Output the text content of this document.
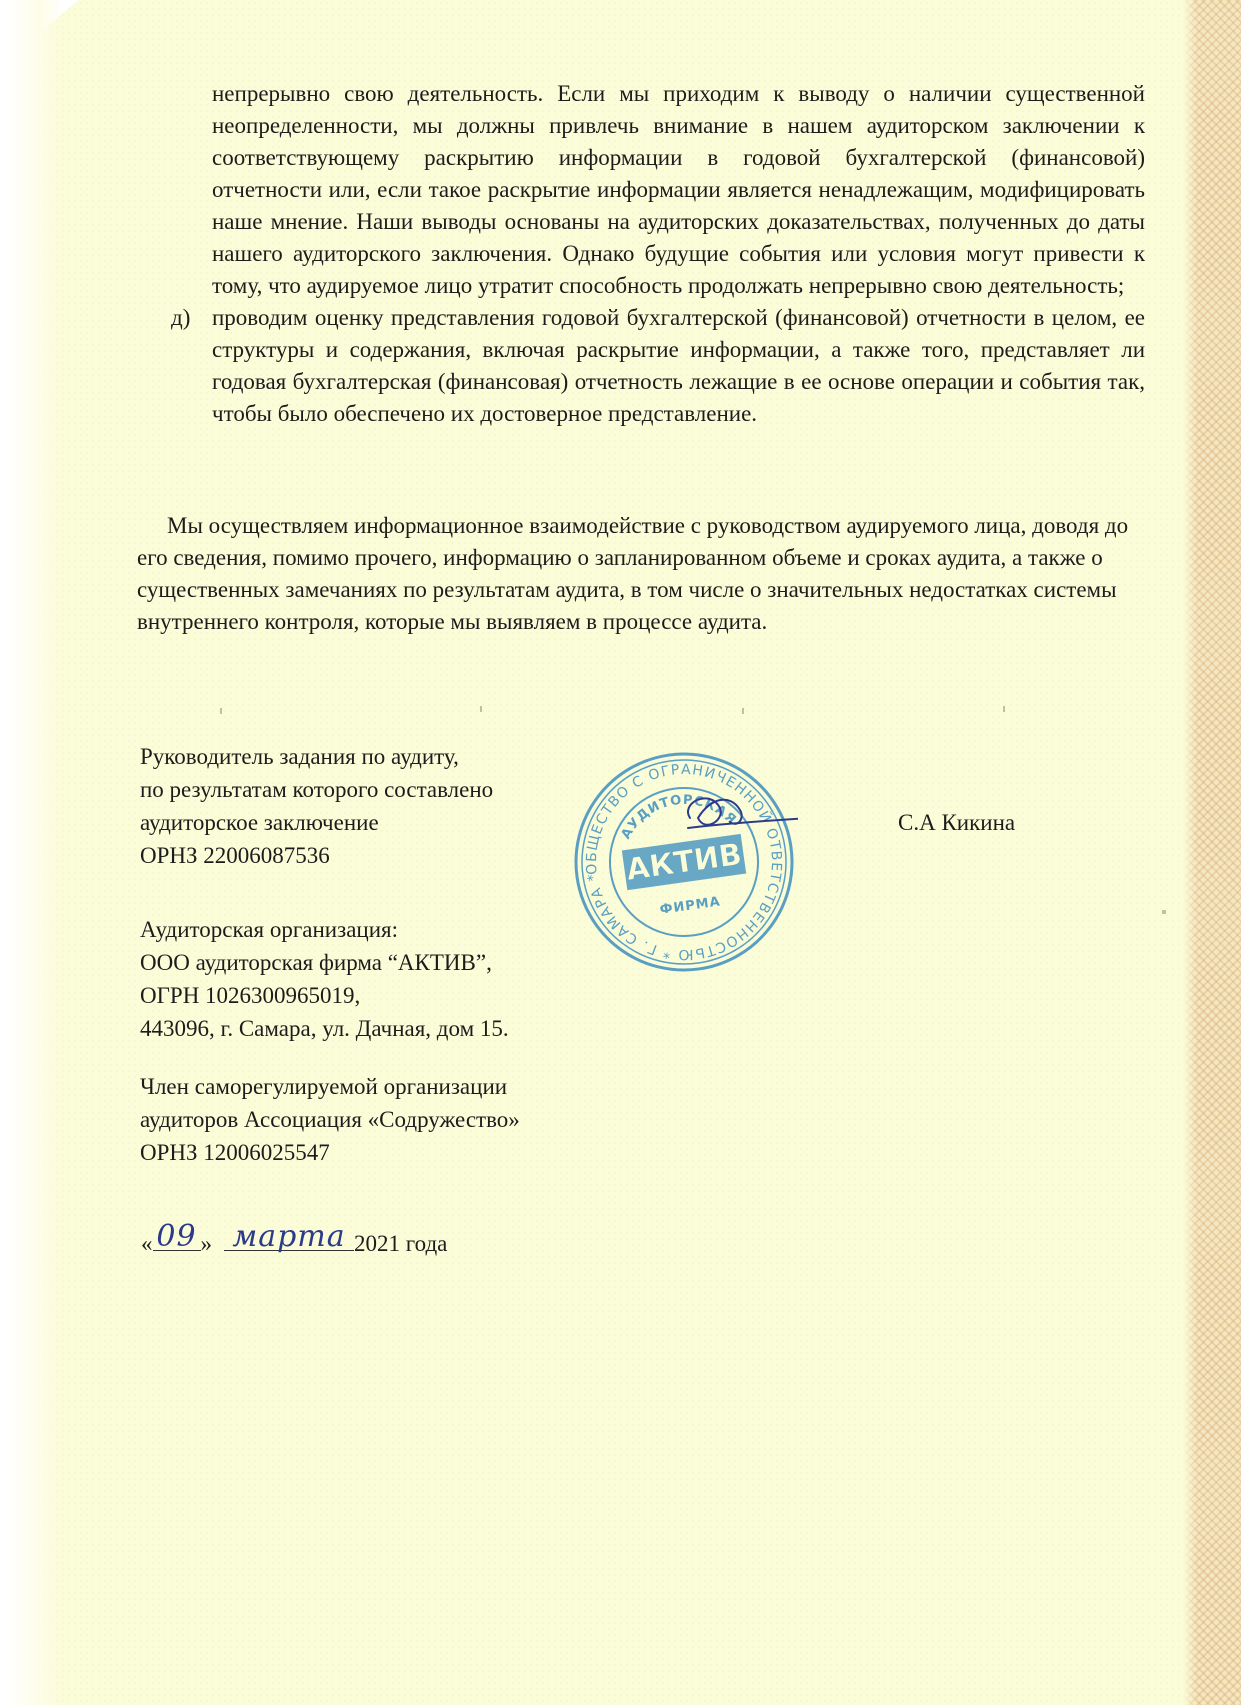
непрерывно свою деятельность. Если мы приходим к выводу о наличии существенной неопределенности, мы должны привлечь внимание в нашем аудиторском заключении к соответствующему раскрытию информации в годовой бухгалтерской (финансовой) отчетности или, если такое раскрытие информации является ненадлежащим, модифицировать наше мнение. Наши выводы основаны на аудиторских доказательствах, полученных до даты нашего аудиторского заключения. Однако будущие события или условия могут привести к тому, что аудируемое лицо утратит способность продолжать непрерывно свою деятельность;
д) проводим оценку представления годовой бухгалтерской (финансовой) отчетности в целом, ее структуры и содержания, включая раскрытие информации, а также того, представляет ли годовая бухгалтерская (финансовая) отчетность лежащие в ее основе операции и события так, чтобы было обеспечено их достоверное представление.
Мы осуществляем информационное взаимодействие с руководством аудируемого лица, доводя до его сведения, помимо прочего, информацию о запланированном объеме и сроках аудита, а также о существенных замечаниях по результатам аудита, в том числе о значительных недостатках системы внутреннего контроля, которые мы выявляем в процессе аудита.
Руководитель задания по аудиту,
по результатам которого составлено
аудиторское заключение
ОРНЗ 22006087536
С.А Кикина
ОБЩЕСТВО С ОГРАНИЧЕННОЙ ОТВЕТСТВЕННОСТЬЮ * Г. САМАРА *
АУДИТОРСКАЯ
АКТИВ
ФИРМА
Аудиторская организация:
ООО аудиторская фирма “АКТИВ”,
ОГРН 1026300965019,
443096, г. Самара, ул. Дачная, дом 15.
Член саморегулируемой организации
аудиторов Ассоциация «Содружество»
ОРНЗ 12006025547
« 09 » марта 2021 года
